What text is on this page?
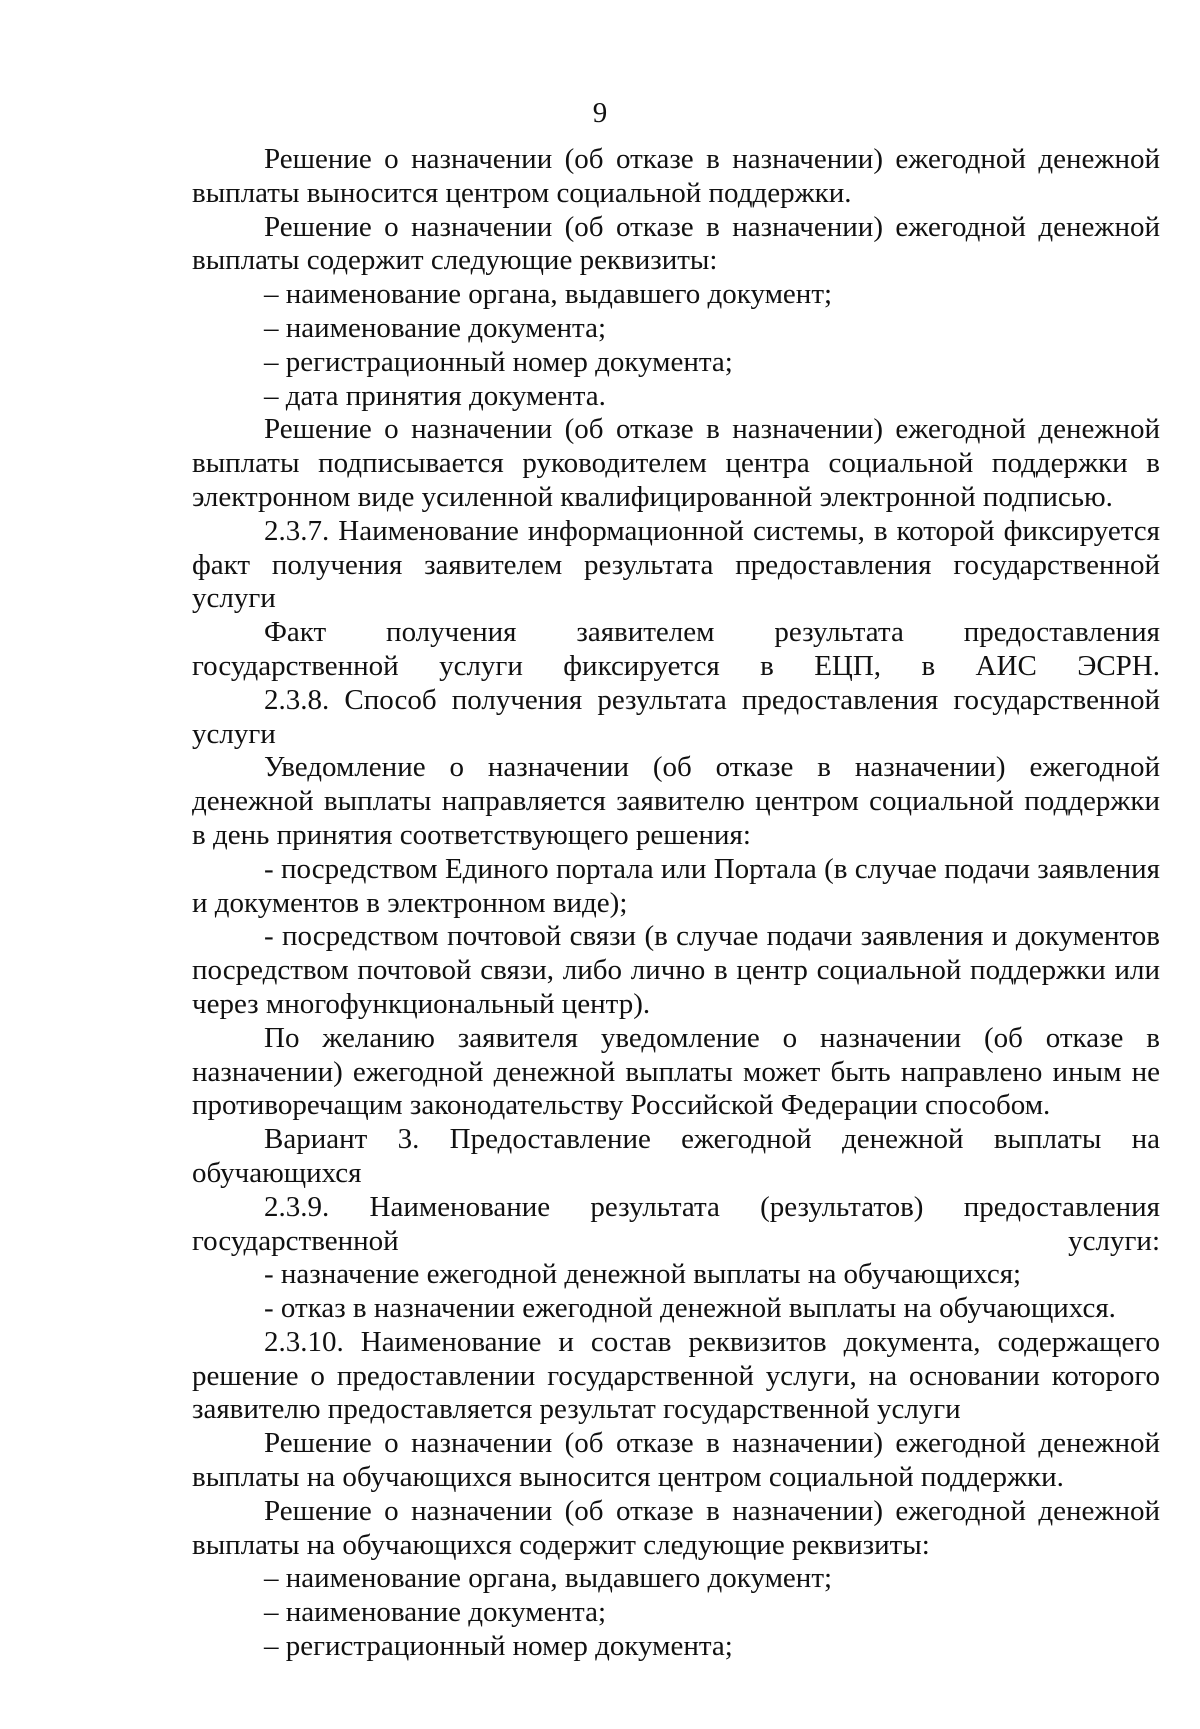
9

Решение о назначении (об отказе в назначении) ежегодной денежной выплаты выносится центром социальной поддержки.

Решение о назначении (об отказе в назначении) ежегодной денежной выплаты содержит следующие реквизиты:

– наименование органа, выдавшего документ;

– наименование документа;

– регистрационный номер документа;

– дата принятия документа.

Решение о назначении (об отказе в назначении) ежегодной денежной выплаты подписывается руководителем центра социальной поддержки в электронном виде усиленной квалифицированной электронной подписью.

2.3.7. Наименование информационной системы, в которой фиксируется факт получения заявителем результата предоставления государственной услуги

Факт получения заявителем результата предоставления государственной услуги фиксируется в ЕЦП, в АИС ЭСРН.

2.3.8. Способ получения результата предоставления государственной услуги

Уведомление о назначении (об отказе в назначении) ежегодной денежной выплаты направляется заявителю центром социальной поддержки в день принятия соответствующего решения:

- посредством Единого портала или Портала (в случае подачи заявления и документов в электронном виде);

- посредством почтовой связи (в случае подачи заявления и документов посредством почтовой связи, либо лично в центр социальной поддержки или через многофункциональный центр).

По желанию заявителя уведомление о назначении (об отказе в назначении) ежегодной денежной выплаты может быть направлено иным не противоречащим законодательству Российской Федерации способом.

Вариант 3. Предоставление ежегодной денежной выплаты на обучающихся

2.3.9. Наименование результата (результатов) предоставления государственной услуги:

- назначение ежегодной денежной выплаты на обучающихся;

- отказ в назначении ежегодной денежной выплаты на обучающихся.

2.3.10. Наименование и состав реквизитов документа, содержащего решение о предоставлении государственной услуги, на основании которого заявителю предоставляется результат государственной услуги

Решение о назначении (об отказе в назначении) ежегодной денежной выплаты на обучающихся выносится центром социальной поддержки.

Решение о назначении (об отказе в назначении) ежегодной денежной выплаты на обучающихся содержит следующие реквизиты:

– наименование органа, выдавшего документ;

– наименование документа;

– регистрационный номер документа;
